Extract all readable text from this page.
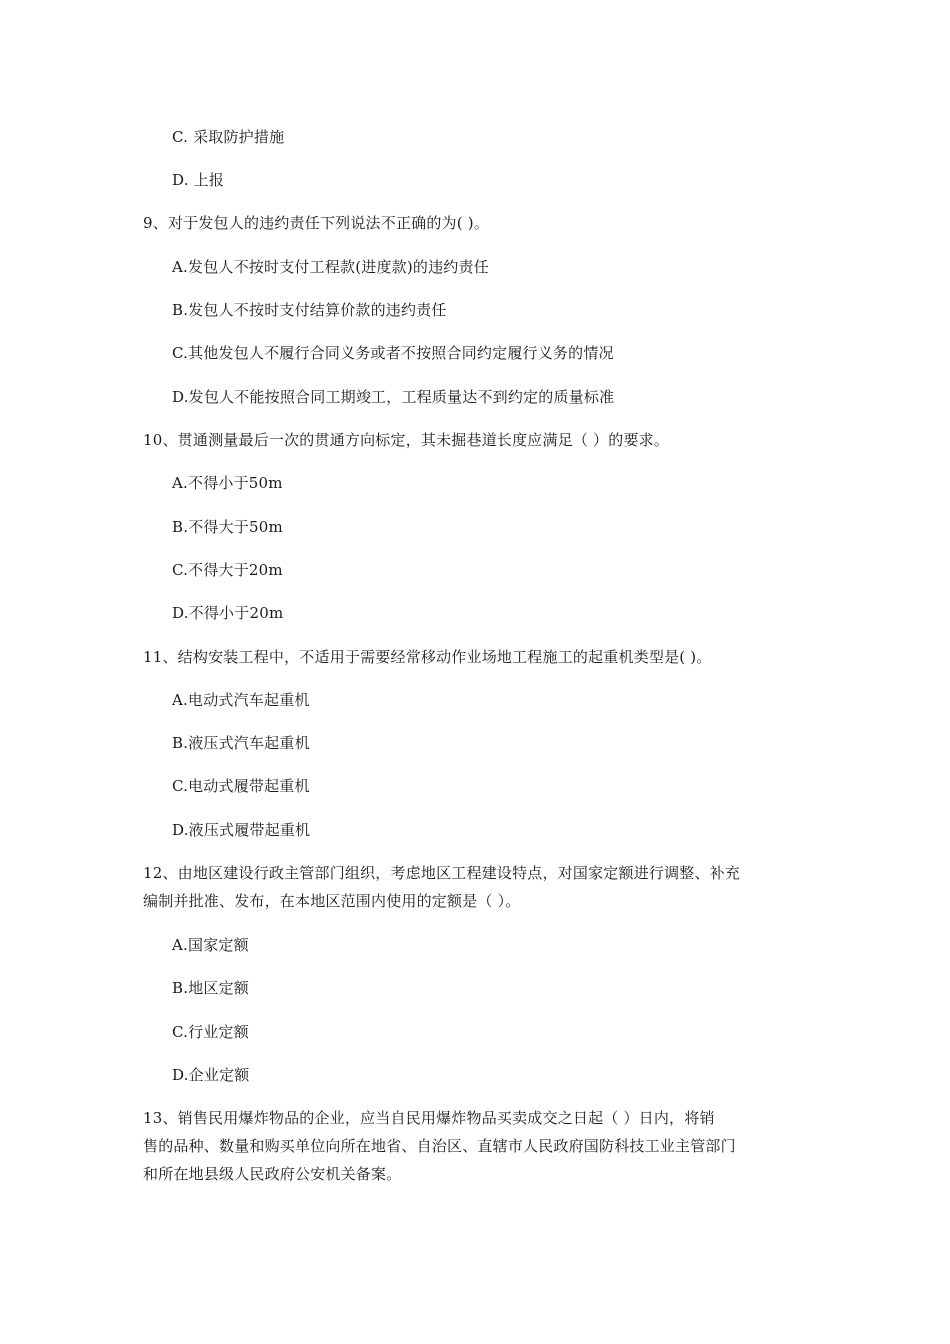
C. 采取防护措施
D. 上报
9、对于发包人的违约责任下列说法不正确的为( )。
A.发包人不按时支付工程款(进度款)的违约责任
B.发包人不按时支付结算价款的违约责任
C.其他发包人不履行合同义务或者不按照合同约定履行义务的情况
D.发包人不能按照合同工期竣工，工程质量达不到约定的质量标准
10、贯通测量最后一次的贯通方向标定，其未掘巷道长度应满足（ ）的要求。
A.不得小于50m
B.不得大于50m
C.不得大于20m
D.不得小于20m
11、结构安装工程中，不适用于需要经常移动作业场地工程施工的起重机类型是( )。
A.电动式汽车起重机
B.液压式汽车起重机
C.电动式履带起重机
D.液压式履带起重机
12、由地区建设行政主管部门组织，考虑地区工程建设特点，对国家定额进行调整、补充
编制并批准、发布，在本地区范围内使用的定额是（ ）。
A.国家定额
B.地区定额
C.行业定额
D.企业定额
13、销售民用爆炸物品的企业，应当自民用爆炸物品买卖成交之日起（ ）日内，将销
售的品种、数量和购买单位向所在地省、自治区、直辖市人民政府国防科技工业主管部门
和所在地县级人民政府公安机关备案。
